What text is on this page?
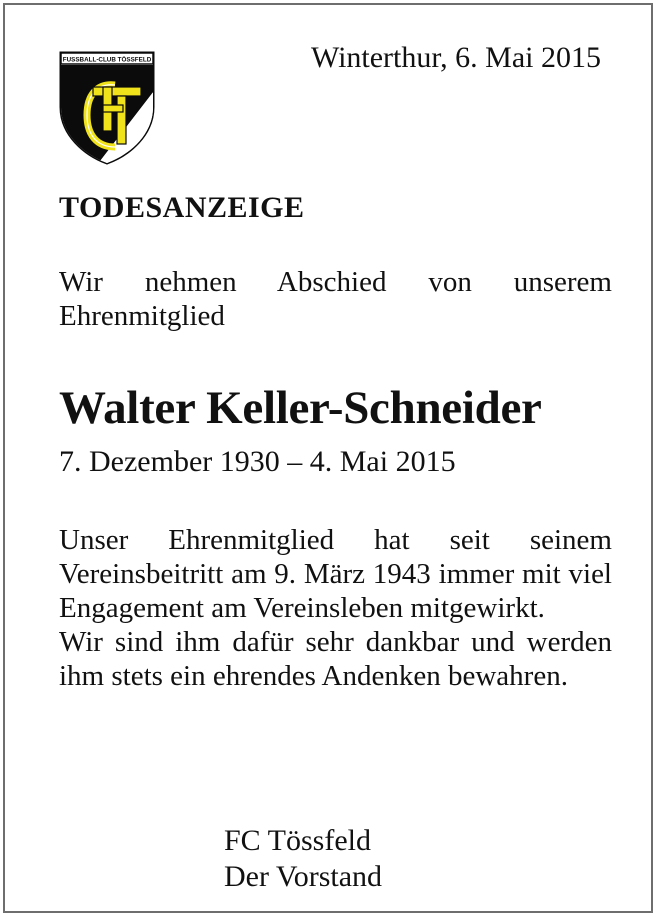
FUSSBALL-CLUB TÖSSFELD	Winterthur, 6. Mai 2015
TODESANZEIGE
Wir nehmen Abschied von unserem
Ehrenmitglied
Walter Keller-Schneider
7. Dezember 1930 – 4. Mai 2015

Unser Ehrenmitglied hat seit seinem Vereinsbeitritt am 9. März 1943 immer mit viel Engagement am Vereinsleben mitgewirkt.

Wir sind ihm dafür sehr dankbar und werden ihm stets ein ehrendes Andenken bewahren.

FC Tössfeld
Der Vorstand
